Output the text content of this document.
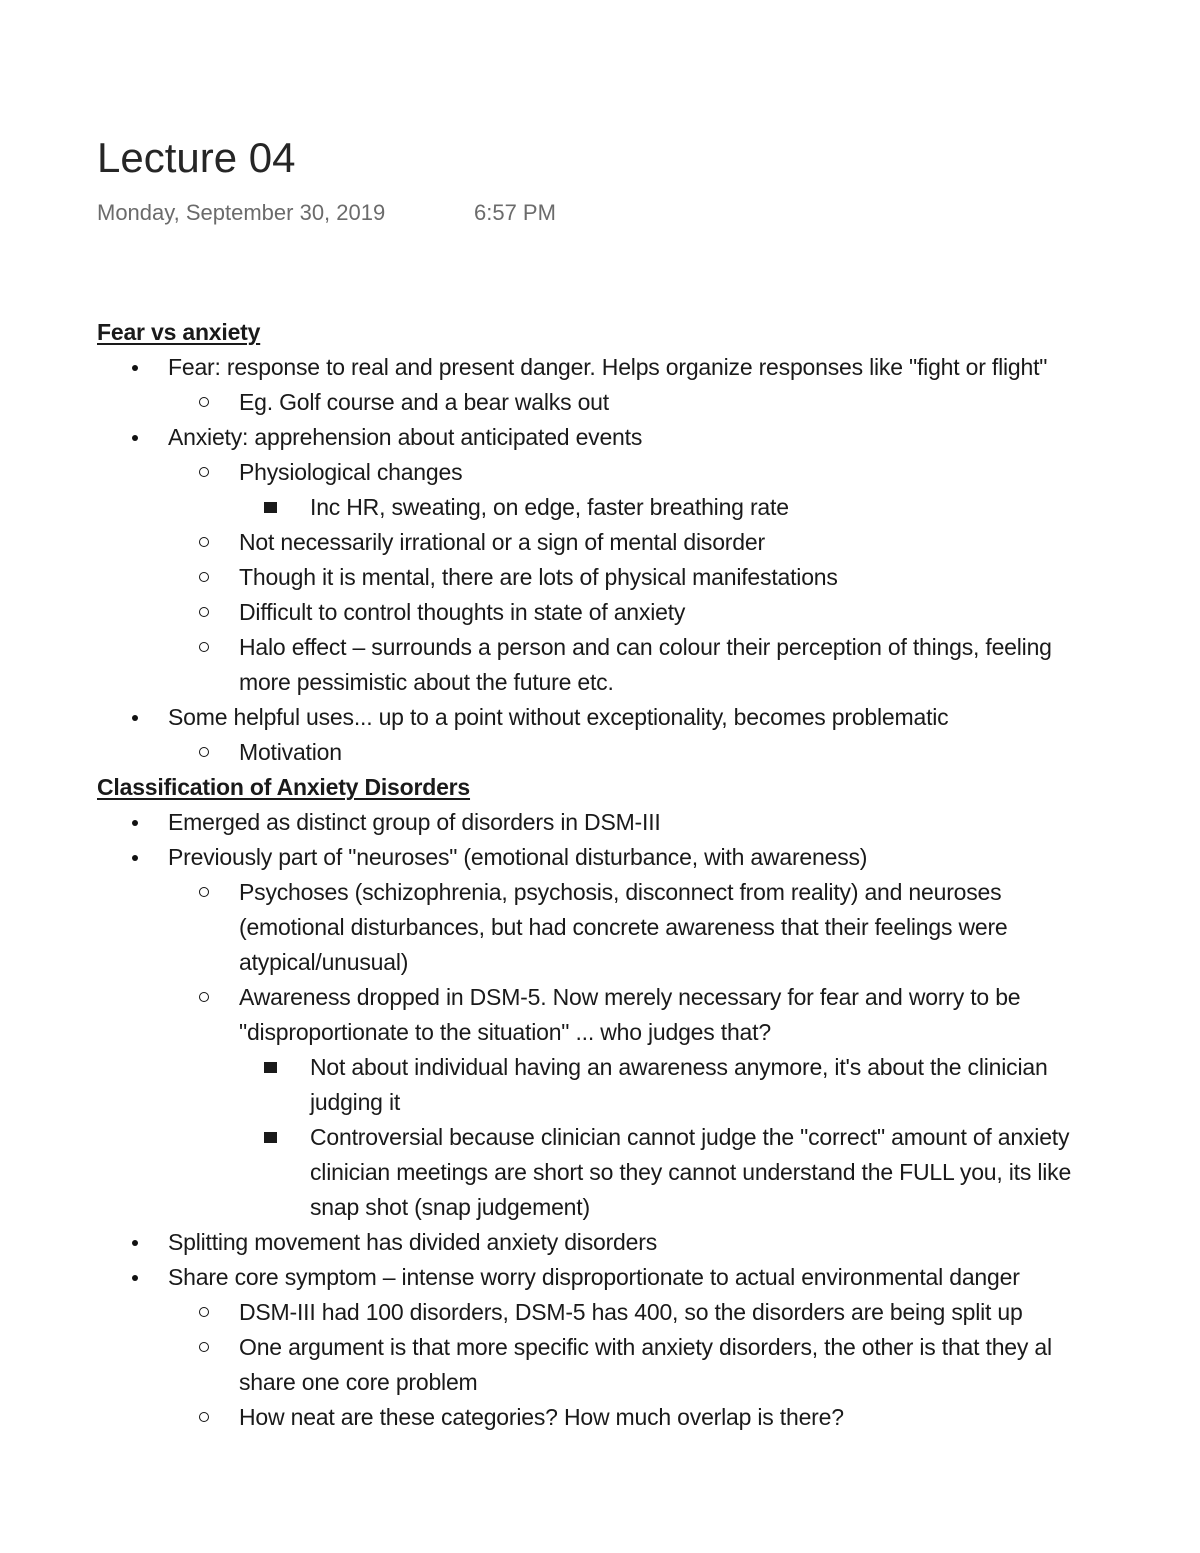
Lecture 04
Monday, September 30, 2019	6:57 PM
Fear vs anxiety
Fear: response to real and present danger. Helps organize responses like "fight or flight"
Eg. Golf course and a bear walks out
Anxiety: apprehension about anticipated events
Physiological changes
Inc HR, sweating, on edge, faster breathing rate
Not necessarily irrational or a sign of mental disorder
Though it is mental, there are lots of physical manifestations
Difficult to control thoughts in state of anxiety
Halo effect – surrounds a person and can colour their perception of things, feeling
more pessimistic about the future etc.
Some helpful uses... up to a point without exceptionality, becomes problematic
Motivation
Classification of Anxiety Disorders
Emerged as distinct group of disorders in DSM-III
Previously part of "neuroses" (emotional disturbance, with awareness)
Psychoses (schizophrenia, psychosis, disconnect from reality) and neuroses
(emotional disturbances, but had concrete awareness that their feelings were
atypical/unusual)
Awareness dropped in DSM-5. Now merely necessary for fear and worry to be
"disproportionate to the situation" ... who judges that?
Not about individual having an awareness anymore, it's about the clinician
judging it
Controversial because clinician cannot judge the "correct" amount of anxiety
clinician meetings are short so they cannot understand the FULL you, its like
snap shot (snap judgement)
Splitting movement has divided anxiety disorders
Share core symptom – intense worry disproportionate to actual environmental danger
DSM-III had 100 disorders, DSM-5 has 400, so the disorders are being split up
One argument is that more specific with anxiety disorders, the other is that they al
share one core problem
How neat are these categories? How much overlap is there?
